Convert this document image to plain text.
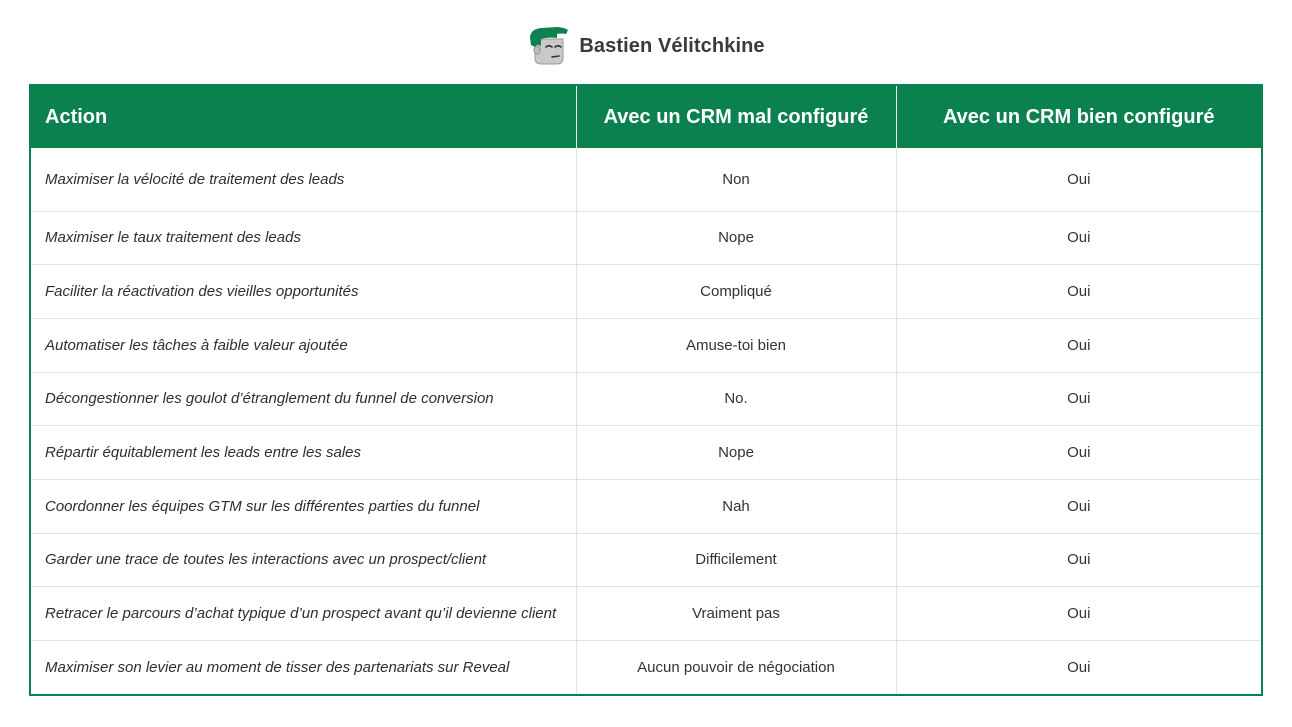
Bastien Vélitchkine
Action	Avec un CRM mal configuré	Avec un CRM bien configuré
Maximiser la vélocité de traitement des leads	Non	Oui
Maximiser le taux traitement des leads	Nope	Oui
Faciliter la réactivation des vieilles opportunités	Compliqué	Oui
Automatiser les tâches à faible valeur ajoutée	Amuse-toi bien	Oui
Décongestionner les goulot d’étranglement du funnel de conversion	No.	Oui
Répartir équitablement les leads entre les sales	Nope	Oui
Coordonner les équipes GTM sur les différentes parties du funnel	Nah	Oui
Garder une trace de toutes les interactions avec un prospect/client	Difficilement	Oui
Retracer le parcours d’achat typique d’un prospect avant qu’il devienne client	Vraiment pas	Oui
Maximiser son levier au moment de tisser des partenariats sur Reveal	Aucun pouvoir de négociation	Oui
